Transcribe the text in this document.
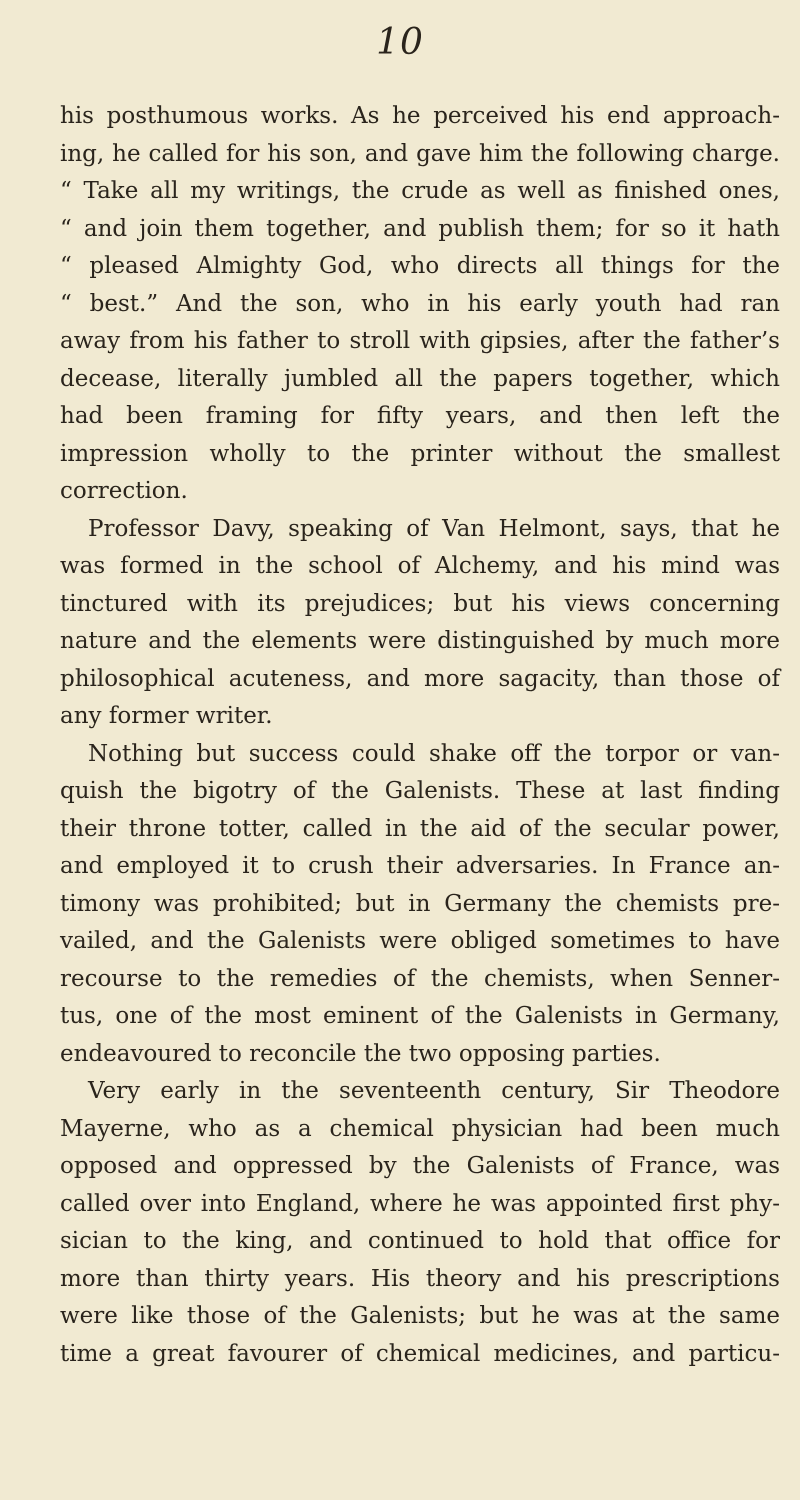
10
his posthumous works. As he perceived his end approach-
ing, he called for his son, and gave him the following charge.
“ Take all my writings, the crude as well as finished ones,
“ and join them together, and publish them; for so it hath
“ pleased Almighty God, who directs all things for the
“ best.” And the son, who in his early youth had ran
away from his father to stroll with gipsies, after the father’s
decease, literally jumbled all the papers together, which
had been framing for fifty years, and then left the
impression wholly to the printer without the smallest
correction.
Professor Davy, speaking of Van Helmont, says, that he
was formed in the school of Alchemy, and his mind was
tinctured with its prejudices; but his views concerning
nature and the elements were distinguished by much more
philosophical acuteness, and more sagacity, than those of
any former writer.
Nothing but success could shake off the torpor or van-
quish the bigotry of the Galenists. These at last finding
their throne totter, called in the aid of the secular power,
and employed it to crush their adversaries. In France an-
timony was prohibited; but in Germany the chemists pre-
vailed, and the Galenists were obliged sometimes to have
recourse to the remedies of the chemists, when Senner-
tus, one of the most eminent of the Galenists in Germany,
endeavoured to reconcile the two opposing parties.
Very early in the seventeenth century, Sir Theodore
Mayerne, who as a chemical physician had been much
opposed and oppressed by the Galenists of France, was
called over into England, where he was appointed first phy-
sician to the king, and continued to hold that office for
more than thirty years. His theory and his prescriptions
were like those of the Galenists; but he was at the same
time a great favourer of chemical medicines, and particu-
